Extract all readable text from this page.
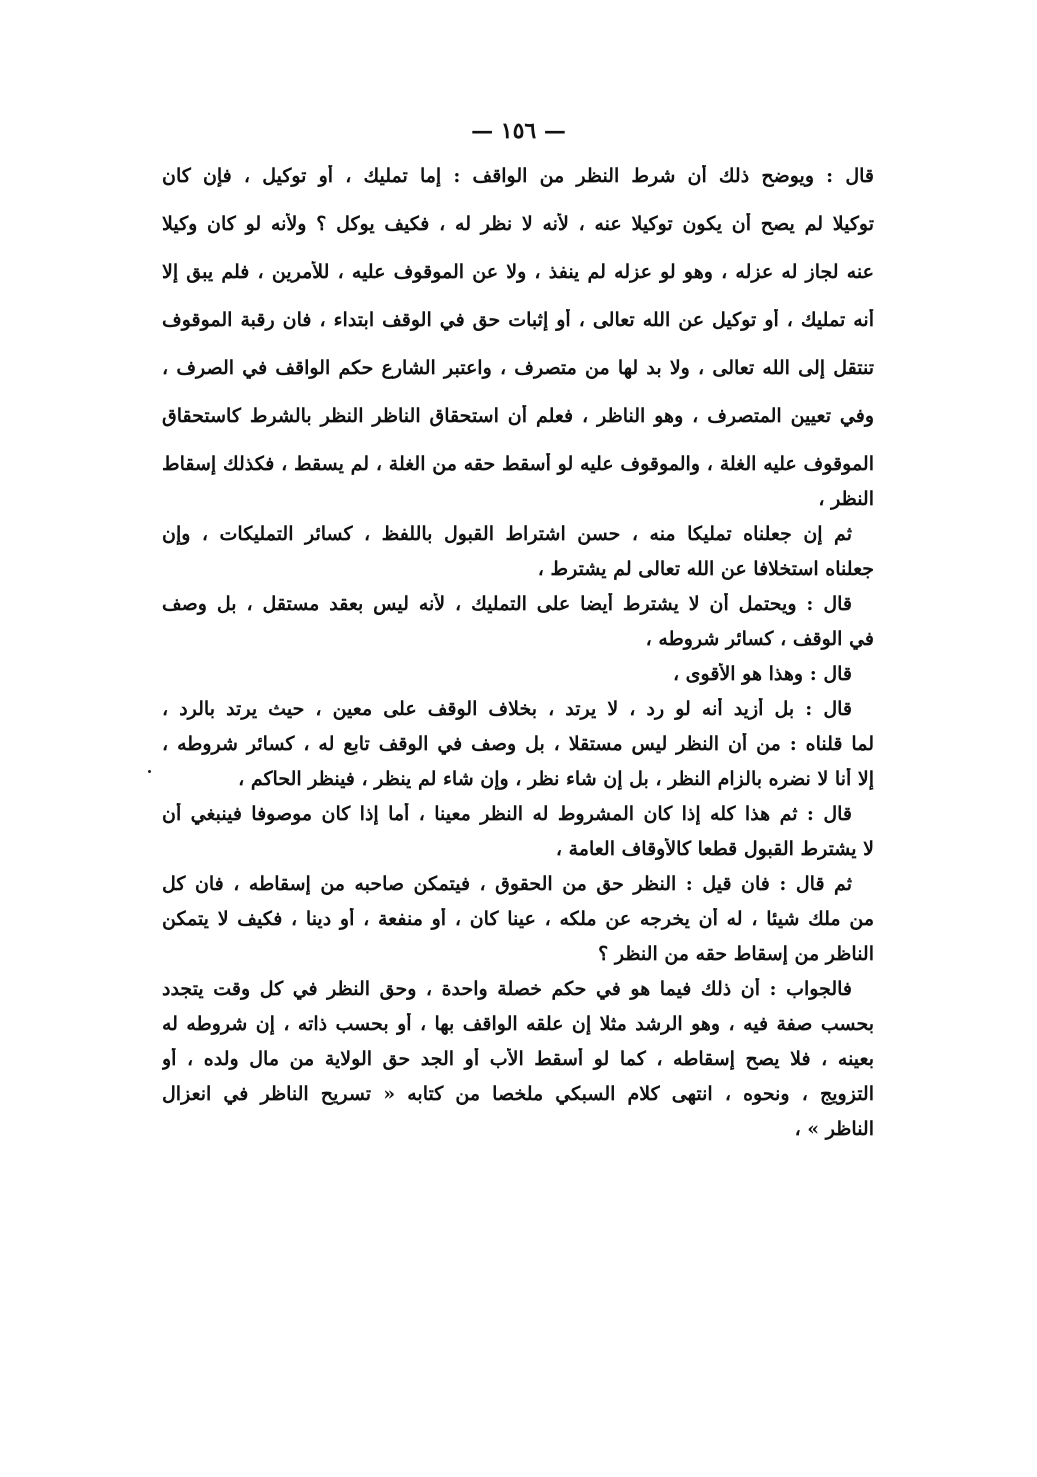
— ١٥٦ —
قال : ويوضح ذلك أن شرط النظر من الواقف : إما تمليك ، أو توكيل ، فإن كان
توكيلا لم يصح أن يكون توكيلا عنه ، لأنه لا نظر له ، فكيف يوكل ؟ ولأنه لو كان وكيلا
عنه لجاز له عزله ، وهو لو عزله لم ينفذ ، ولا عن الموقوف عليه ، للأمرين ، فلم يبق إلا
أنه تمليك ، أو توكيل عن الله تعالى ، أو إثبات حق في الوقف ابتداء ، فان رقبة الموقوف
تنتقل إلى الله تعالى ، ولا بد لها من متصرف ، واعتبر الشارع حكم الواقف في الصرف ،
وفي تعيين المتصرف ، وهو الناظر ، فعلم أن استحقاق الناظر النظر بالشرط كاستحقاق
الموقوف عليه الغلة ، والموقوف عليه لو أسقط حقه من الغلة ، لم يسقط ، فكذلك إسقاط
النظر ،
ثم إن جعلناه تمليكا منه ، حسن اشتراط القبول باللفظ ، كسائر التمليكات ، وإن
جعلناه استخلافا عن الله تعالى لم يشترط ،
قال : ويحتمل أن لا يشترط أيضا على التمليك ، لأنه ليس بعقد مستقل ، بل وصف
في الوقف ، كسائر شروطه ،
قال : وهذا هو الأقوى ،
قال : بل أزيد أنه لو رد ، لا يرتد ، بخلاف الوقف على معين ، حيث يرتد بالرد ،
لما قلناه : من أن النظر ليس مستقلا ، بل وصف في الوقف تابع له ، كسائر شروطه ،
إلا أنا لا نضره بالزام النظر ، بل إن شاء نظر ، وإن شاء لم ينظر ، فينظر الحاكم ،
قال : ثم هذا كله إذا كان المشروط له النظر معينا ، أما إذا كان موصوفا فينبغي أن
لا يشترط القبول قطعا كالأوقاف العامة ،
ثم قال : فان قيل : النظر حق من الحقوق ، فيتمكن صاحبه من إسقاطه ، فان كل
من ملك شيئا ، له أن يخرجه عن ملكه ، عينا كان ، أو منفعة ، أو دينا ، فكيف لا يتمكن
الناظر من إسقاط حقه من النظر ؟
فالجواب : أن ذلك فيما هو في حكم خصلة واحدة ، وحق النظر في كل وقت يتجدد
بحسب صفة فيه ، وهو الرشد مثلا إن علقه الواقف بها ، أو بحسب ذاته ، إن شروطه له
بعينه ، فلا يصح إسقاطه ، كما لو أسقط الأب أو الجد حق الولاية من مال ولده ، أو
التزويج ، ونحوه ، انتهى كلام السبكي ملخصا من كتابه « تسريح الناظر في انعزال
الناظر » ،
